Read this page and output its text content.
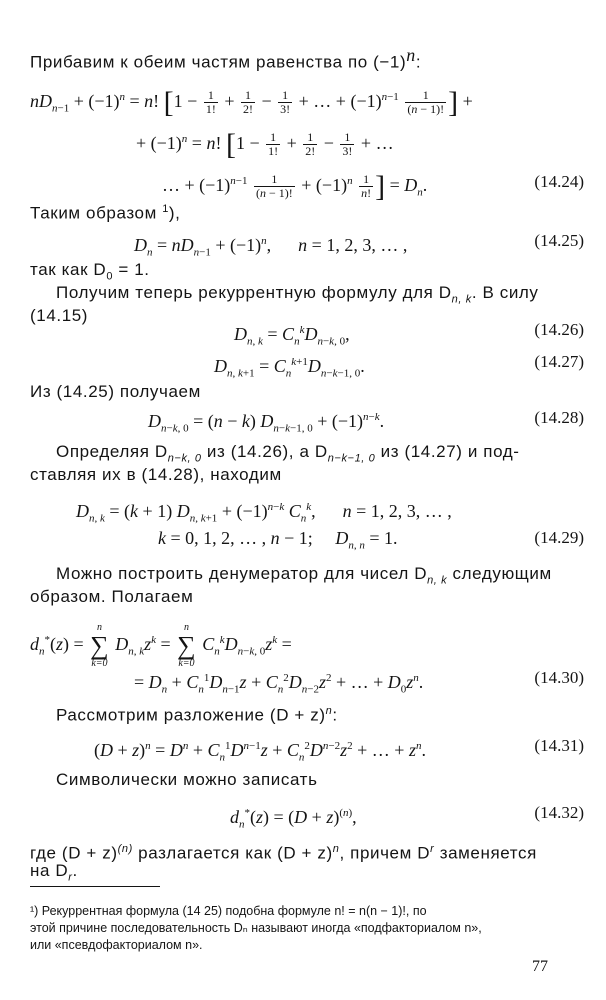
Прибавим к обеим частям равенства по $(-1)^n$:
$nD_{n-1} + (-1)^n = n$! [$1 - \frac{1}{1!} + \frac{1}{2!} - \frac{1}{3!}$ + … + $(-1)^{n-1} \frac{1}{(n - 1)!}$ ] +
+ $(-1)^n = n$! [$1 - \frac{1}{1!} + \frac{1}{2!} - \frac{1}{3!}$ + …
… + $(-1)^{n-1} \frac{1}{(n - 1)!} + (-1)^n \frac{1}{n!}$ ] = $D_n$.	(14.24)
Таким образом $^1$),
$D_n = nD_{n-1} + (-1)^n$,      n = 1, 2, 3, … ,	(14.25)
так как $D_0 = 1$.
Получим теперь рекуррентную формулу для $D_{n, k}$. В силу
(14.15)
$D_{n, k} = C_n^kD_{n-k, 0}$,	(14.26)
$D_{n, k+1} = C_n^{k+1}D_{n-k-1, 0}$.	(14.27)
Из (14.25) получаем
$D_{n-k, 0} = (n - k) D_{n-k-1, 0} + (-1)^{n-k}$.	(14.28)
Определяя $D_{n-k, 0}$ из (14.26), а $D_{n-k-1, 0}$ из (14.27) и под-
ставляя их в (14.28), находим
$D_{n, k} = (k + 1) D_{n, k+1} + (-1)^{n-k}$ $C_n^k$,      n = 1, 2, 3, … ,
k = 0, 1, 2, … , n − 1;     $D_{n, n} = 1$.	(14.29)
Можно построить денумератор для чисел $D_{n, k}$ следующим
образом. Полагаем
$d_n^*(z)$ =
n
∑
k=0
$D_{n, k}z^k$ =
n
∑
k=0
$C_n^kD_{n-k, 0}z^k$ =
= $D_n + C_n^1D_{n-1}z + C_n^2D_{n-2}z^2$ + … + $D_0z^n$.	(14.30)
Рассмотрим разложение $(D + z)^n$:
$(D + z)^n = D^n + C_n^1D^{n-1}z + C_n^2D^{n-2}z^2$ + … + $z^n$.	(14.31)
Символически можно записать
$d_n^*(z) = (D + z)^{(n)}$,	(14.32)
где $(D + z)^{(n)}$ разлагается как $(D + z)^n$, причем $D^r$ заменяется
на $D_r$.
¹) Рекуррентная формула (14 25) подобна формуле n! = n(n − 1)!, по
этой причине последовательность Dₙ называют иногда «подфакториалом n»,
или «псевдофакториалом n».
77
